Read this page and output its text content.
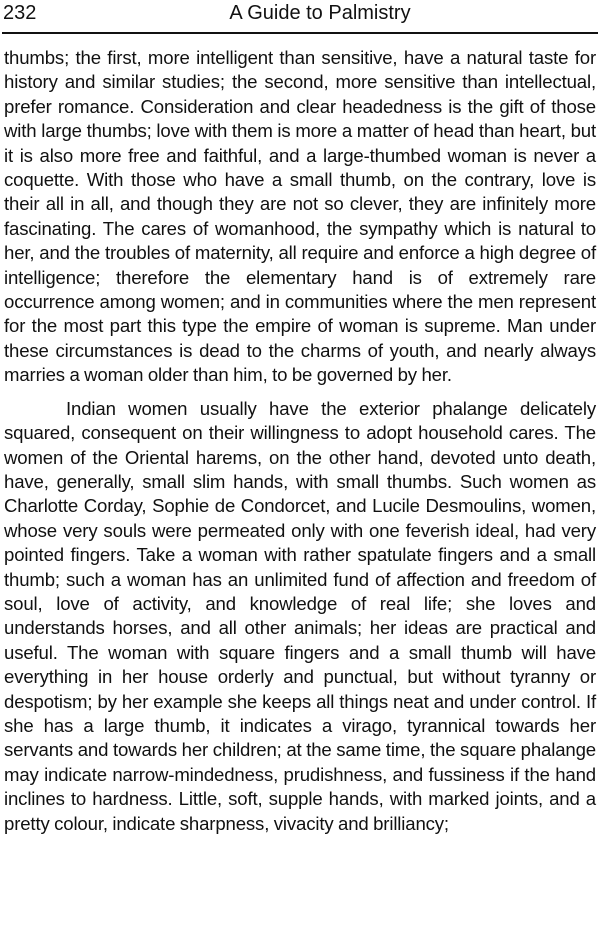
232	A Guide to Palmistry

thumbs; the first, more intelligent than sensitive, have a natural taste for history and similar studies; the second, more sensitive than intellectual, prefer romance. Consideration and clear headedness is the gift of those with large thumbs; love with them is more a matter of head than heart, but it is also more free and faithful, and a large-thumbed woman is never a coquette. With those who have a small thumb, on the contrary, love is their all in all, and though they are not so clever, they are infinitely more fascinating. The cares of womanhood, the sympathy which is natural to her, and the troubles of maternity, all require and enforce a high degree of intelligence; therefore the elementary hand is of extremely rare occurrence among women; and in communities where the men represent for the most part this type the empire of woman is supreme. Man under these circumstances is dead to the charms of youth, and nearly always marries a woman older than him, to be governed by her.

Indian women usually have the exterior phalange delicately squared, consequent on their willingness to adopt household cares. The women of the Oriental harems, on the other hand, devoted unto death, have, generally, small slim hands, with small thumbs. Such women as Charlotte Corday, Sophie de Condorcet, and Lucile Desmoulins, women, whose very souls were permeated only with one feverish ideal, had very pointed fingers. Take a woman with rather spatulate fingers and a small thumb; such a woman has an unlimited fund of affection and freedom of soul, love of activity, and knowledge of real life; she loves and understands horses, and all other animals; her ideas are practical and useful. The woman with square fingers and a small thumb will have everything in her house orderly and punctual, but without tyranny or despotism; by her example she keeps all things neat and under control. If she has a large thumb, it indicates a virago, tyrannical towards her servants and towards her children; at the same time, the square phalange may indicate narrow-mindedness, prudishness, and fussiness if the hand inclines to hardness. Little, soft, supple hands, with marked joints, and a pretty colour, indicate sharpness, vivacity and brilliancy;
